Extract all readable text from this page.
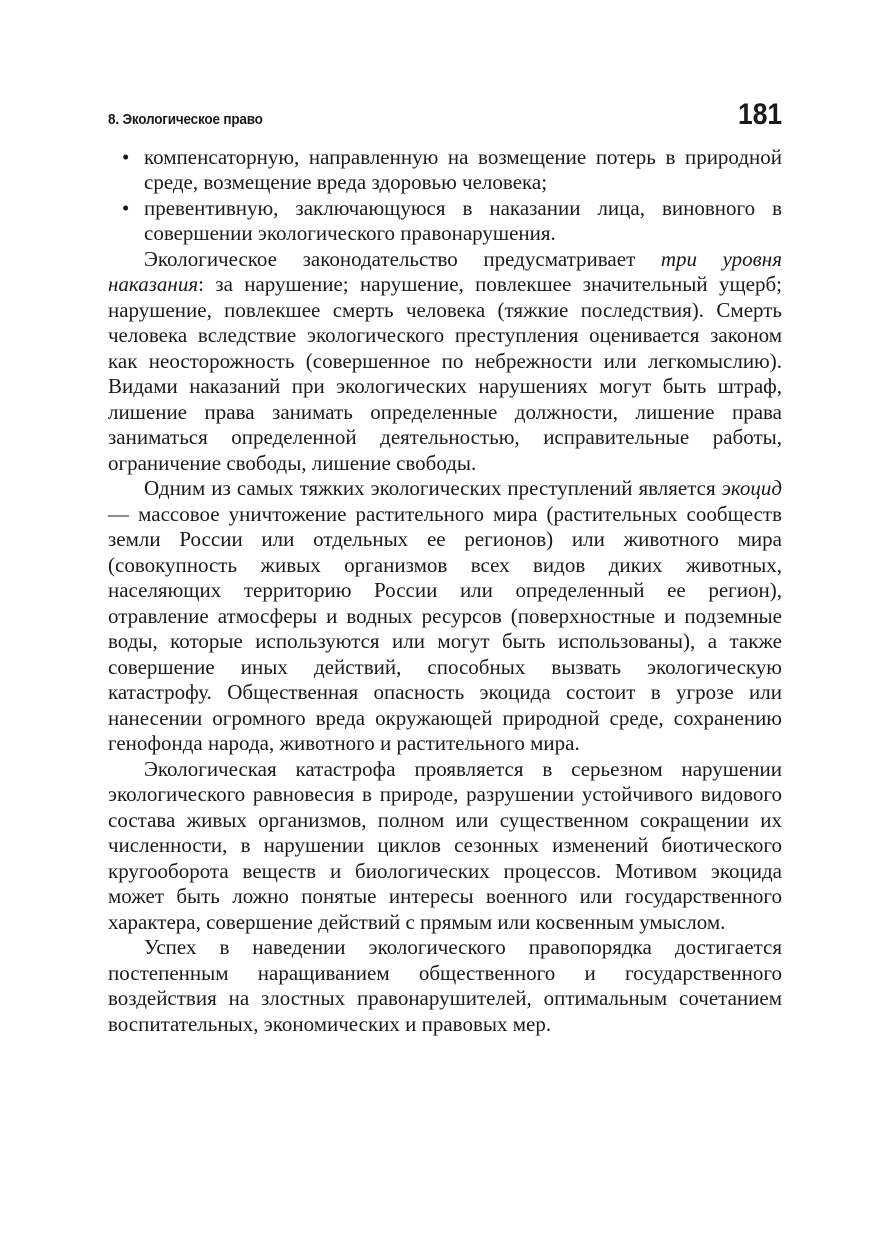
8. Экологическое право	181
• компенсаторную, направленную на возмещение потерь в природной среде, возмещение вреда здоровью человека;
• превентивную, заключающуюся в наказании лица, виновного в совершении экологического правонарушения.

Экологическое законодательство предусматривает три уровня наказания: за нарушение; нарушение, повлекшее значительный ущерб; нарушение, повлекшее смерть человека (тяжкие последствия). Смерть человека вследствие экологического преступления оценивается законом как неосторожность (совершенное по небрежности или легкомыслию). Видами наказаний при экологических нарушениях могут быть штраф, лишение права занимать определенные должности, лишение права заниматься определенной деятельностью, исправительные работы, ограничение свободы, лишение свободы.

Одним из самых тяжких экологических преступлений является экоцид — массовое уничтожение растительного мира (растительных сообществ земли России или отдельных ее регионов) или животного мира (совокупность живых организмов всех видов диких животных, населяющих территорию России или определенный ее регион), отравление атмосферы и водных ресурсов (поверхностные и подземные воды, которые используются или могут быть использованы), а также совершение иных действий, способных вызвать экологическую катастрофу. Общественная опасность экоцида состоит в угрозе или нанесении огромного вреда окружающей природной среде, сохранению генофонда народа, животного и растительного мира.

Экологическая катастрофа проявляется в серьезном нарушении экологического равновесия в природе, разрушении устойчивого видового состава живых организмов, полном или существенном сокращении их численности, в нарушении циклов сезонных изменений биотического кругооборота веществ и биологических процессов. Мотивом экоцида может быть ложно понятые интересы военного или государственного характера, совершение действий с прямым или косвенным умыслом.

Успех в наведении экологического правопорядка достигается постепенным наращиванием общественного и государственного воздействия на злостных правонарушителей, оптимальным сочетанием воспитательных, экономических и правовых мер.
